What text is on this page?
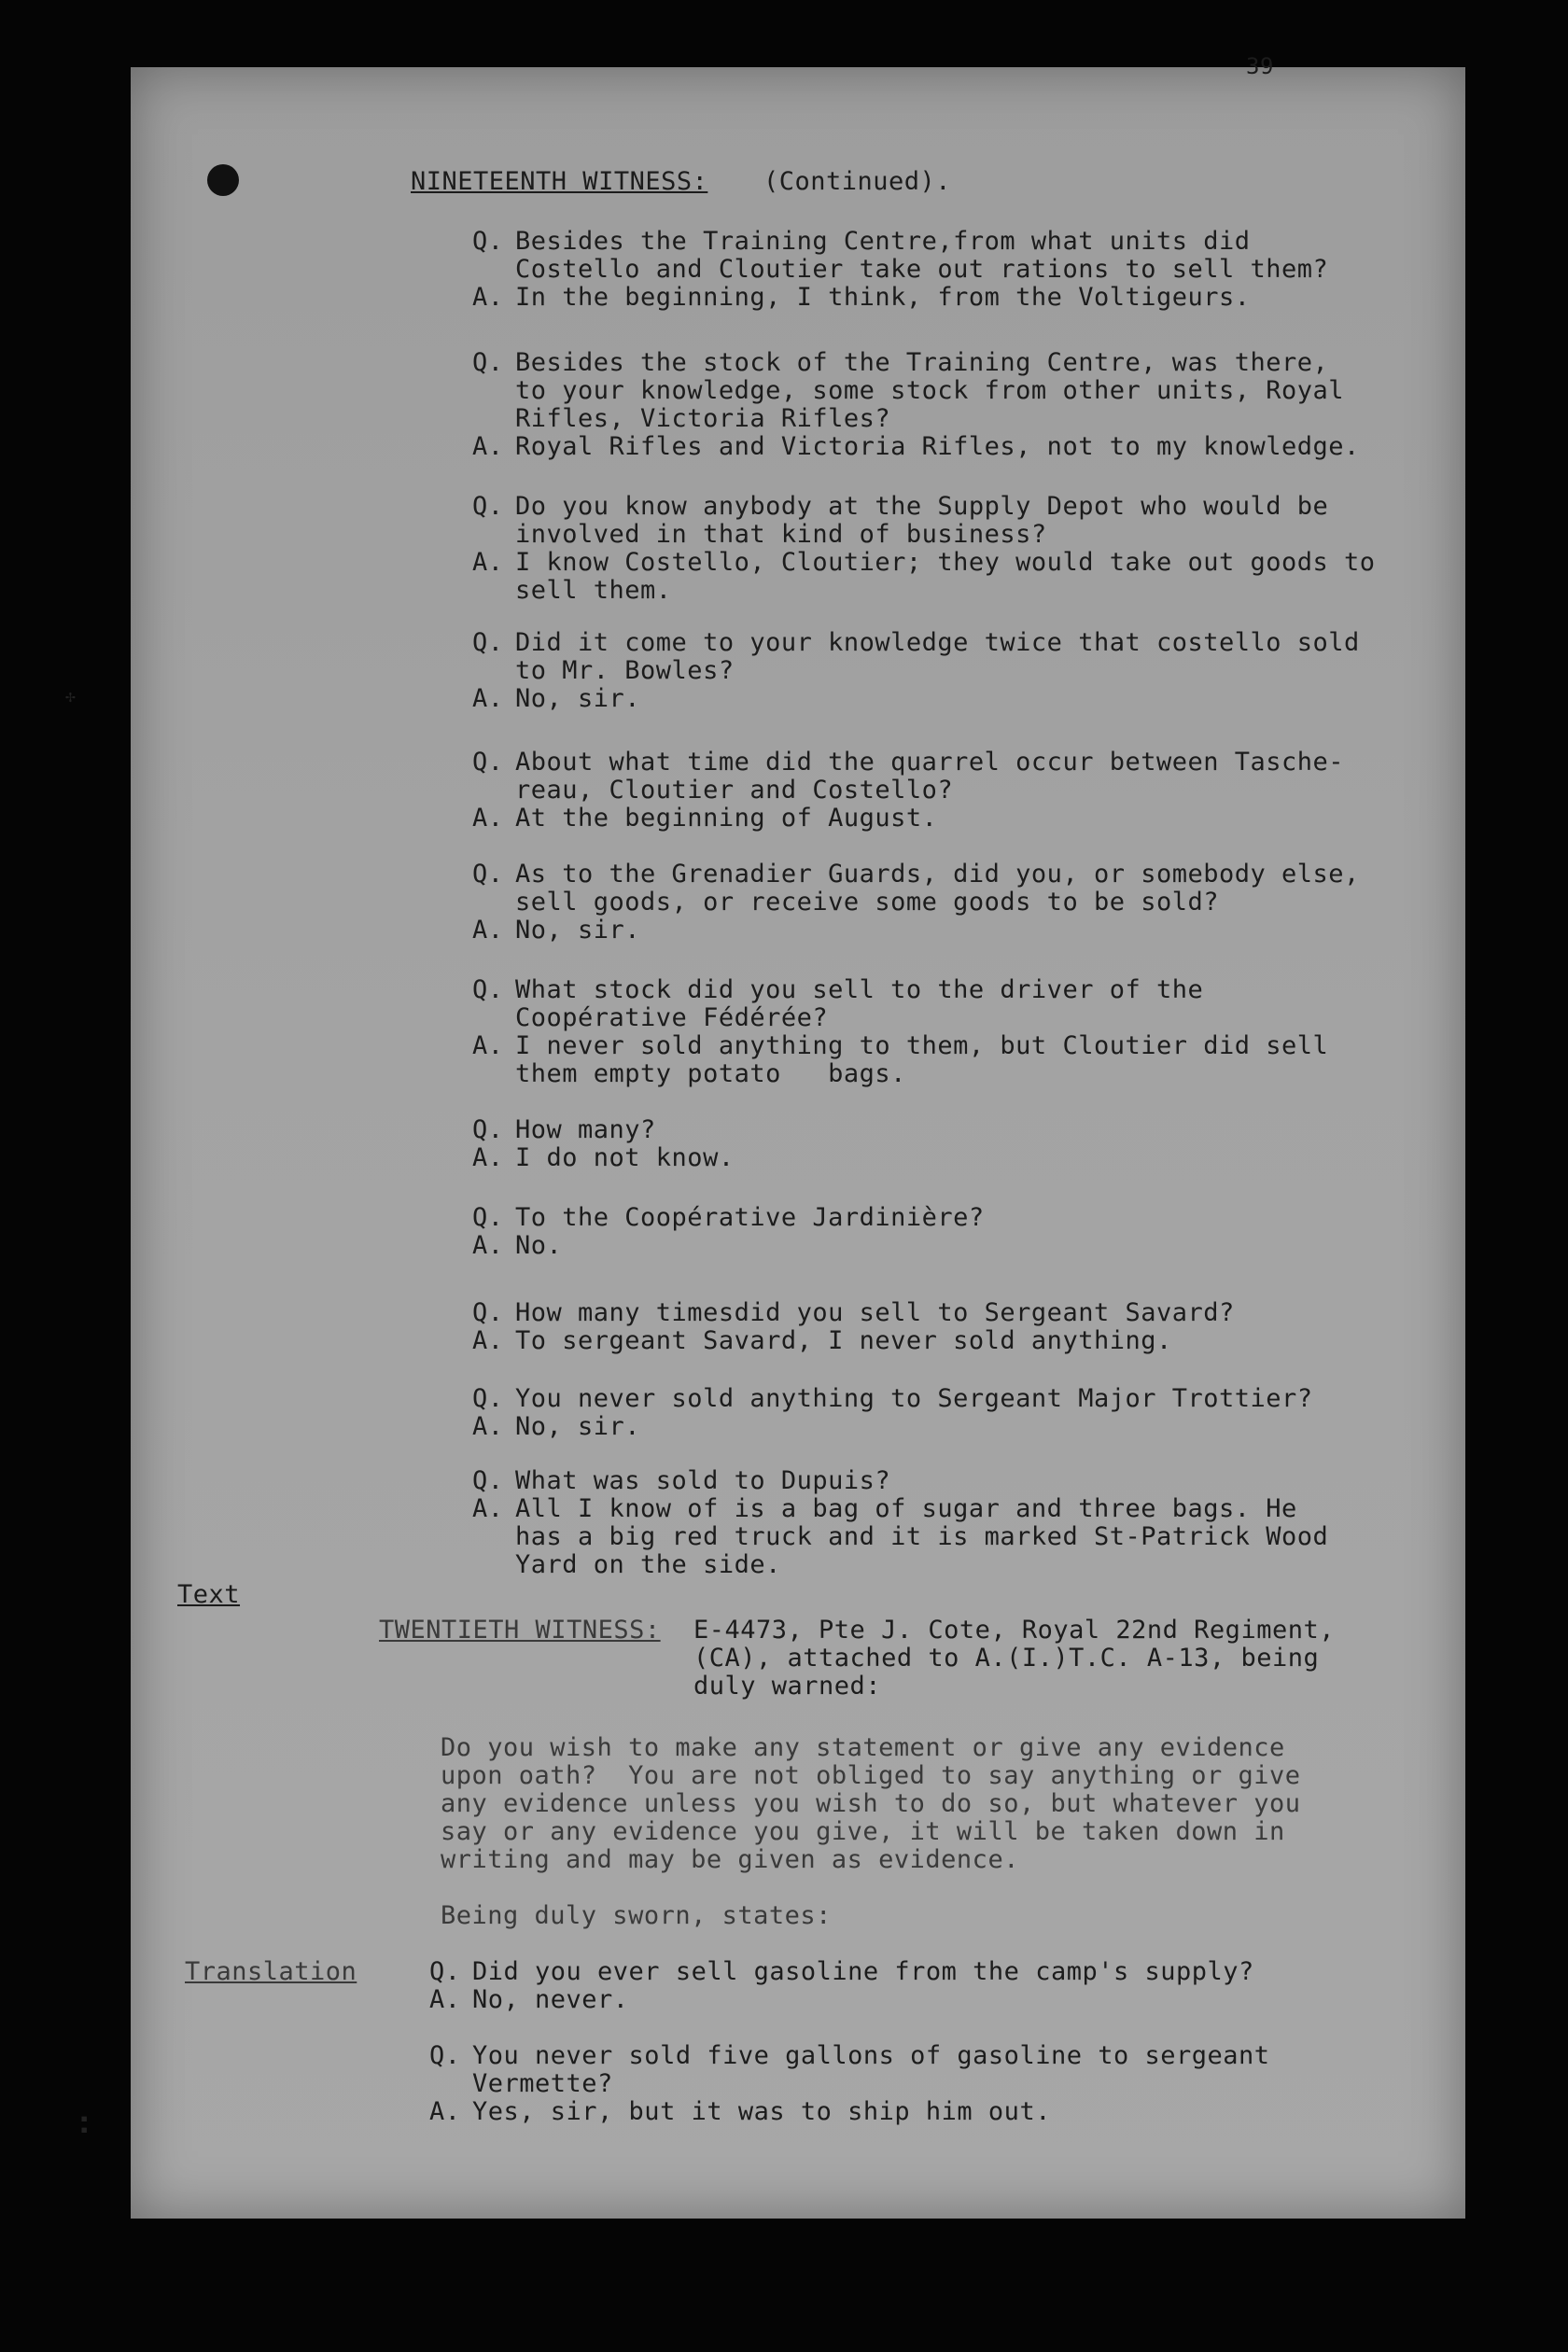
39
NINETEENTH WITNESS: (Continued).
Q. Besides the Training Centre,from what units did
Costello and Cloutier take out rations to sell them?
A. In the beginning, I think, from the Voltigeurs.
Q. Besides the stock of the Training Centre, was there,
to your knowledge, some stock from other units, Royal
Rifles, Victoria Rifles?
A. Royal Rifles and Victoria Rifles, not to my knowledge.
Q. Do you know anybody at the Supply Depot who would be
involved in that kind of business?
A. I know Costello, Cloutier; they would take out goods to
sell them.
Q. Did it come to your knowledge twice that costello sold
to Mr. Bowles?
A. No, sir.
Q. About what time did the quarrel occur between Tasche-
reau, Cloutier and Costello?
A. At the beginning of August.
Q. As to the Grenadier Guards, did you, or somebody else,
sell goods, or receive some goods to be sold?
A. No, sir.
Q. What stock did you sell to the driver of the
Coopérative Fédérée?
A. I never sold anything to them, but Cloutier did sell
them empty potato   bags.
Q. How many?
A. I do not know.
Q. To the Coopérative Jardinière?
A. No.
Q. How many timesdid you sell to Sergeant Savard?
A. To sergeant Savard, I never sold anything.
Q. You never sold anything to Sergeant Major Trottier?
A. No, sir.
Q. What was sold to Dupuis?
A. All I know of is a bag of sugar and three bags. He
has a big red truck and it is marked St-Patrick Wood
Yard on the side.
Text
TWENTIETH WITNESS: E-4473, Pte J. Cote, Royal 22nd Regiment,
(CA), attached to A.(I.)T.C. A-13, being
duly warned:
Do you wish to make any statement or give any evidence
upon oath?  You are not obliged to say anything or give
any evidence unless you wish to do so, but whatever you
say or any evidence you give, it will be taken down in
writing and may be given as evidence.
Being duly sworn, states:
Translation	Q. Did you ever sell gasoline from the camp's supply?
A. No, never.
Q. You never sold five gallons of gasoline to sergeant
Vermette?
A. Yes, sir, but it was to ship him out.
✢
▪
▪
